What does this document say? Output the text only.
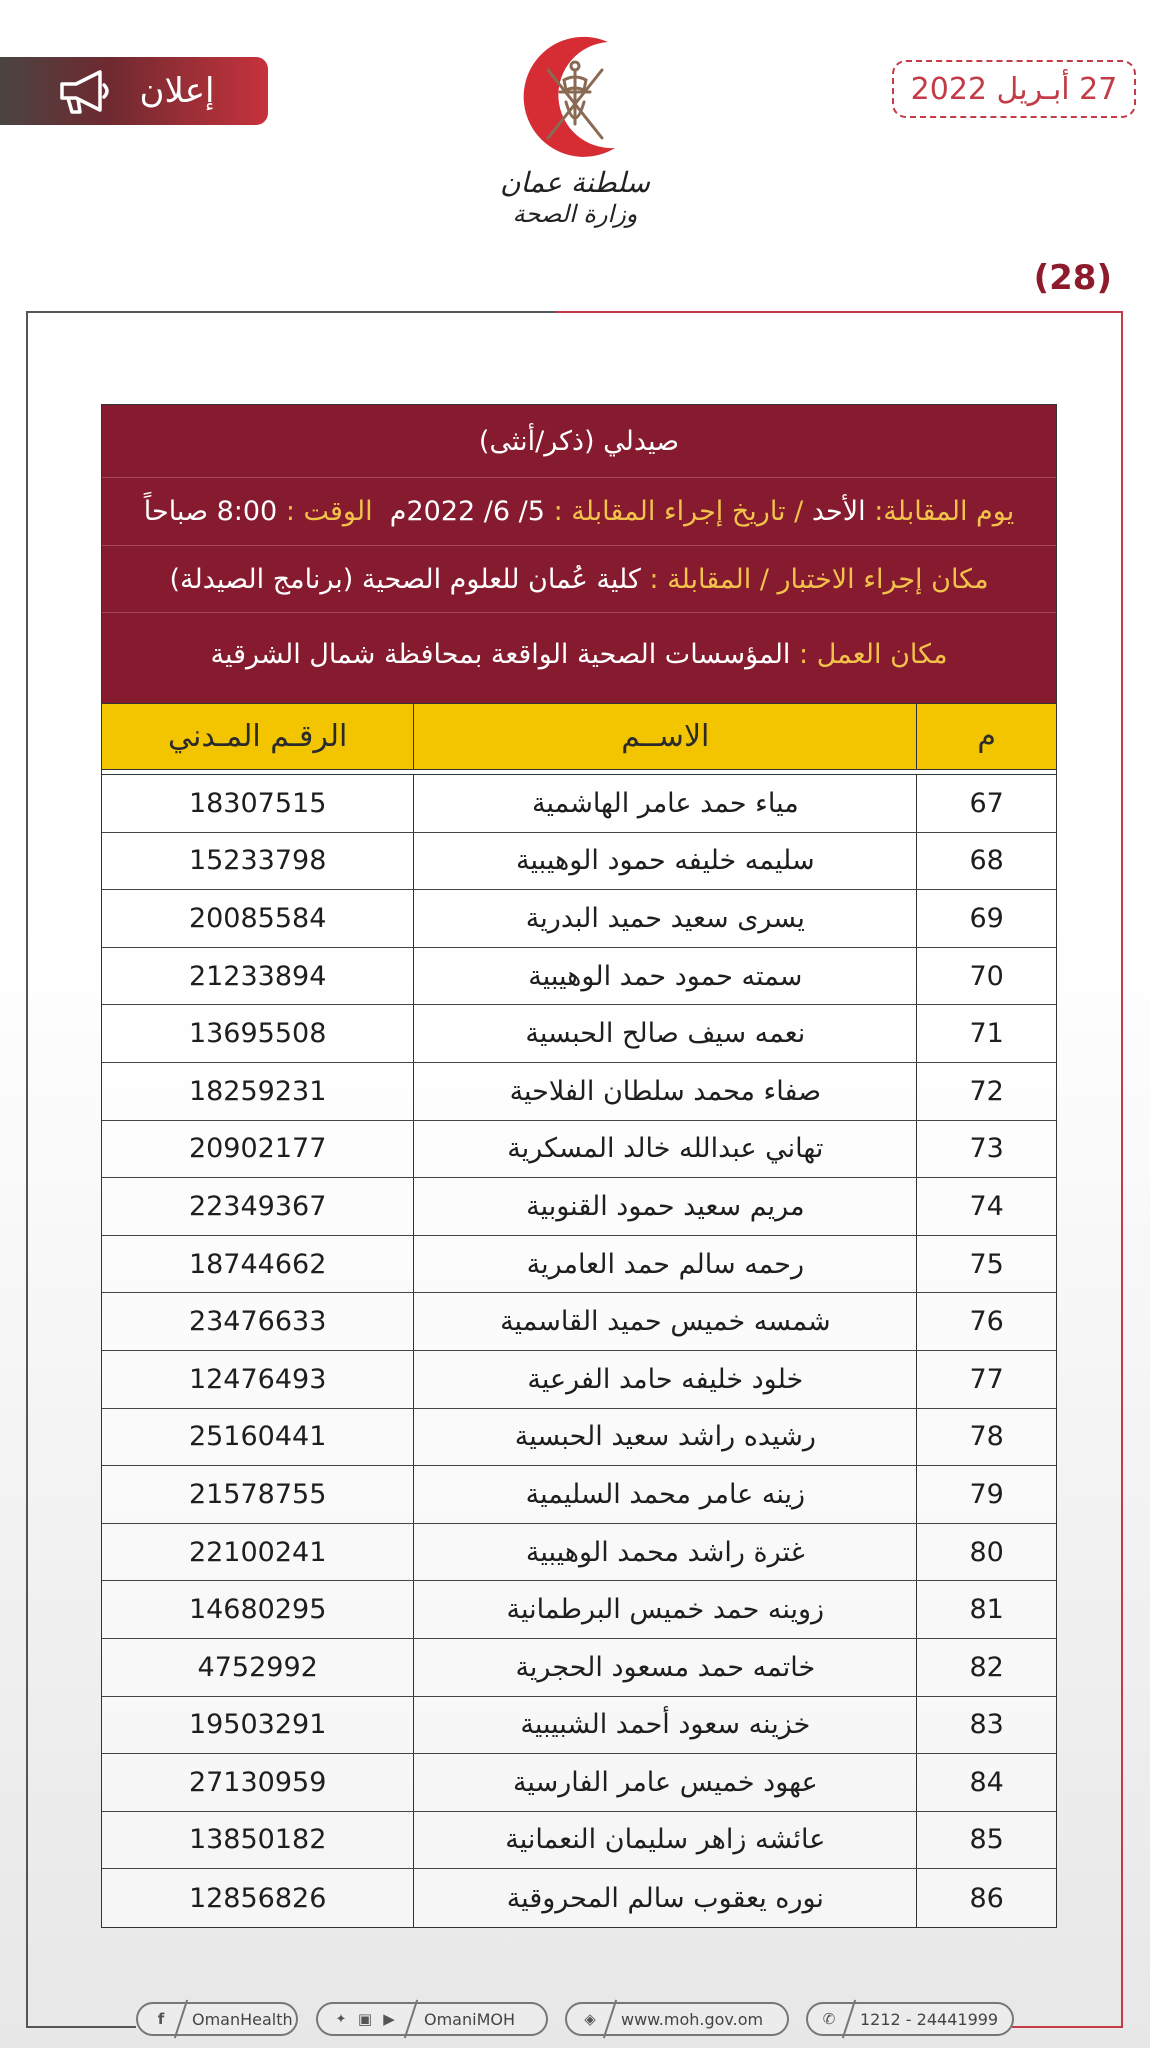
إعلان
سلطنة عمان
وزارة الصحة
27 أبـريل 2022
(28)
صيدلي (ذكر/أنثى)
يوم المقابلة:

الأحد

/ تاريخ إجراء المقابلة :

5/ 6/ 2022م

الوقت :

8:00 صباحاً
مكان إجراء الاختبار / المقابلة :

كلية عُمان للعلوم الصحية (برنامج الصيدلة)
مكان العمل :

المؤسسات الصحية الواقعة بمحافظة شمال الشرقية
م
الاســم
الرقـم المـدني
67
مياء حمد عامر الهاشمية
18307515
68
سليمه خليفه حمود الوهيبية
15233798
69
يسرى سعيد حميد البدرية
20085584
70
سمته حمود حمد الوهيبية
21233894
71
نعمه سيف صالح الحبسية
13695508
72
صفاء محمد سلطان الفلاحية
18259231
73
تهاني عبدالله خالد المسكرية
20902177
74
مريم سعيد حمود القنوبية
22349367
75
رحمه سالم حمد العامرية
18744662
76
شمسه خميس حميد القاسمية
23476633
77
خلود خليفه حامد الفرعية
12476493
78
رشيده راشد سعيد الحبسية
25160441
79
زينه عامر محمد السليمية
21578755
80
غترة راشد محمد الوهيبية
22100241
81
زوينه حمد خميس البرطمانية
14680295
82
خاتمه حمد مسعود الحجرية
4752992
83
خزينه سعود أحمد الشبيبية
19503291
84
عهود خميس عامر الفارسية
27130959
85
عائشه زاهر سليمان النعمانية
13850182
86
نوره يعقوب سالم المحروقية
12856826
✆ 1212 - 24441999
◈ www.moh.gov.om
✦ ▣ ▶ OmaniMOH
f	OmanHealth
